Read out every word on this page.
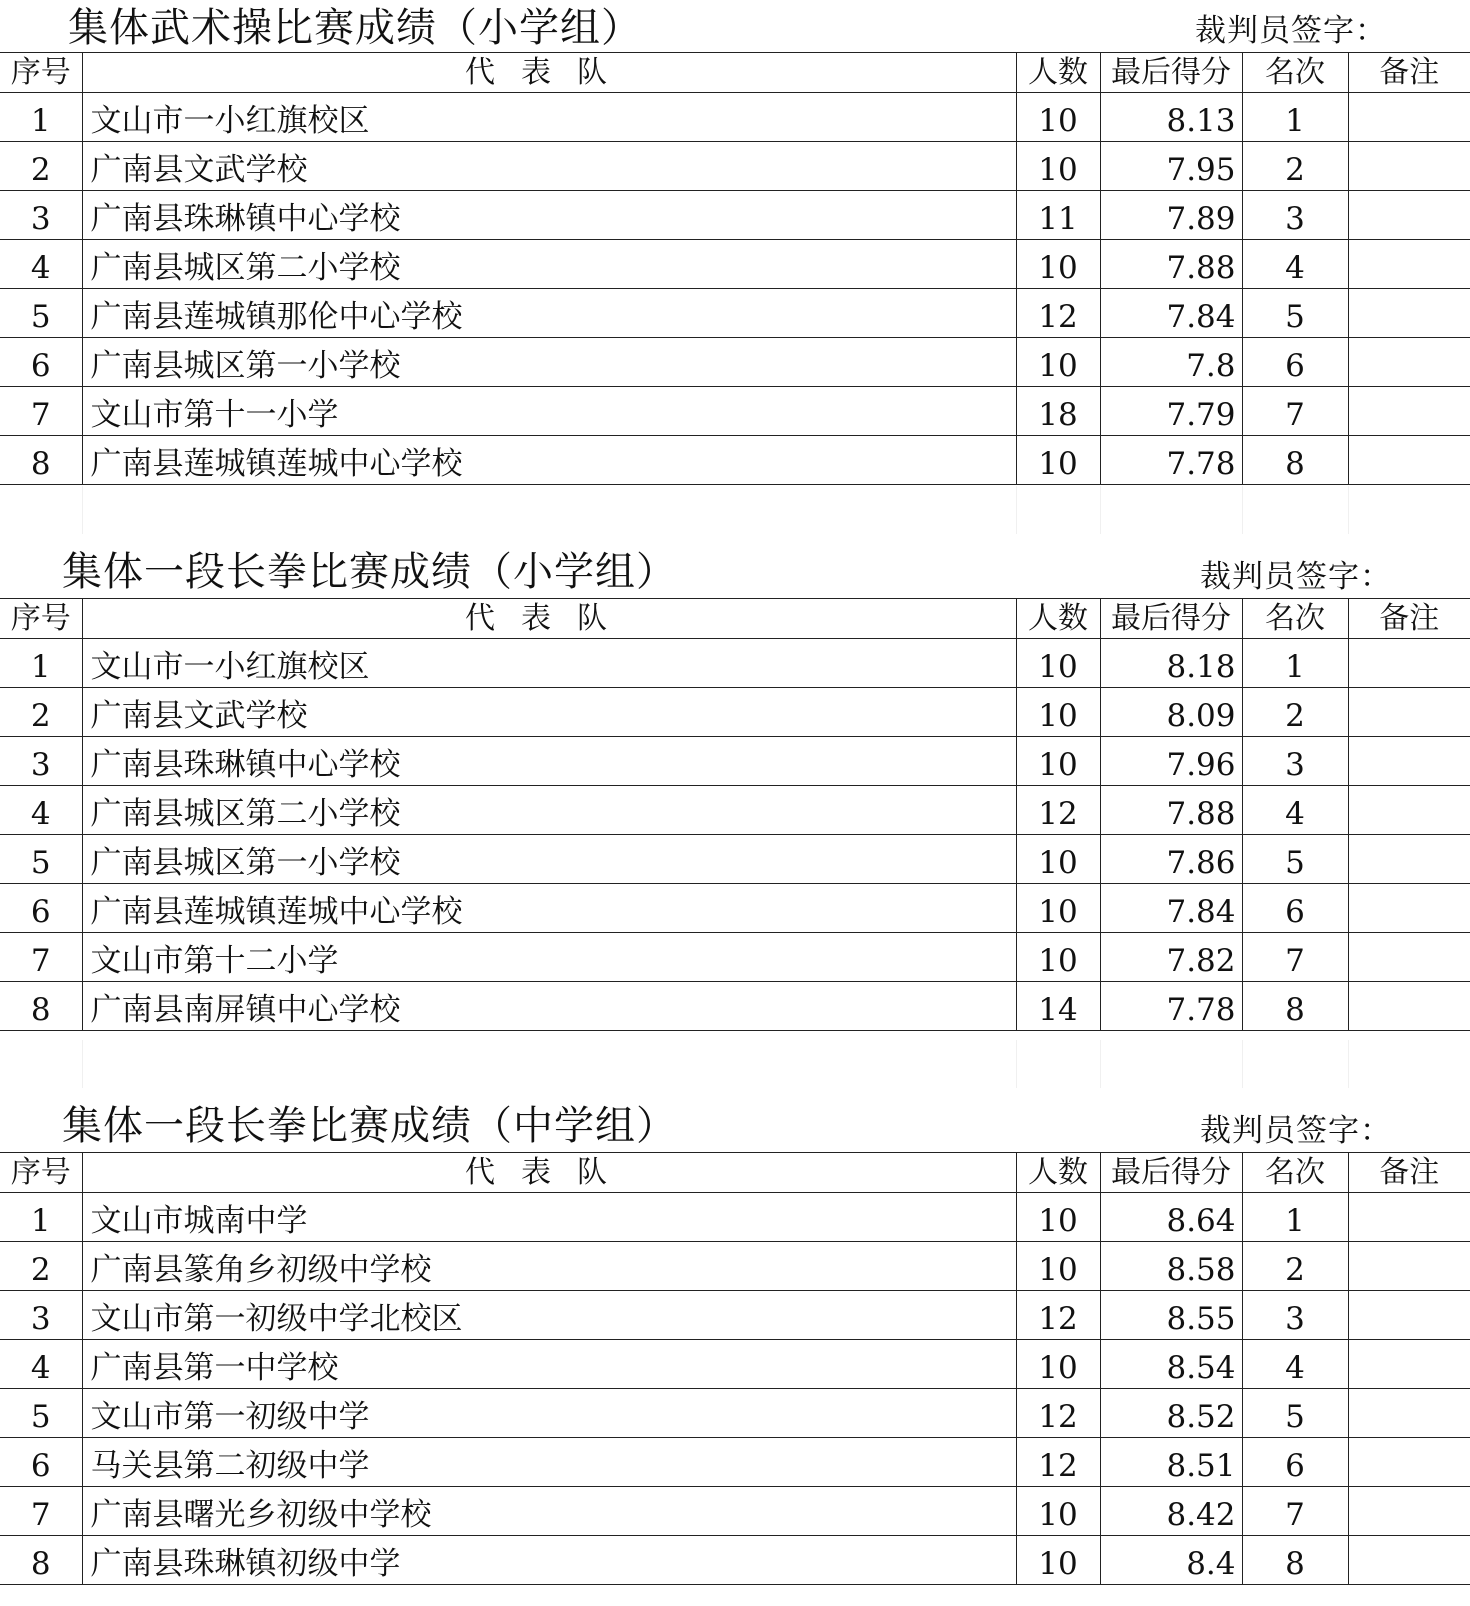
集体武术操比赛成绩（小学组）	裁判员签字：
序号	代表队	人数	最后得分	名次	备注
1	文山市一小红旗校区	10	8.13	1	
2	广南县文武学校	10	7.95	2	
3	广南县珠琳镇中心学校	11	7.89	3	
4	广南县城区第二小学校	10	7.88	4	
5	广南县莲城镇那伦中心学校	12	7.84	5	
6	广南县城区第一小学校	10	7.8	6	
7	文山市第十一小学	18	7.79	7	
8	广南县莲城镇莲城中心学校	10	7.78	8	
集体一段长拳比赛成绩（小学组）	裁判员签字：
序号	代表队	人数	最后得分	名次	备注
1	文山市一小红旗校区	10	8.18	1	
2	广南县文武学校	10	8.09	2	
3	广南县珠琳镇中心学校	10	7.96	3	
4	广南县城区第二小学校	12	7.88	4	
5	广南县城区第一小学校	10	7.86	5	
6	广南县莲城镇莲城中心学校	10	7.84	6	
7	文山市第十二小学	10	7.82	7	
8	广南县南屏镇中心学校	14	7.78	8	
集体一段长拳比赛成绩（中学组）	裁判员签字：
序号	代表队	人数	最后得分	名次	备注
1	文山市城南中学	10	8.64	1	
2	广南县篆角乡初级中学校	10	8.58	2	
3	文山市第一初级中学北校区	12	8.55	3	
4	广南县第一中学校	10	8.54	4	
5	文山市第一初级中学	12	8.52	5	
6	马关县第二初级中学	12	8.51	6	
7	广南县曙光乡初级中学校	10	8.42	7	
8	广南县珠琳镇初级中学	10	8.4	8	
